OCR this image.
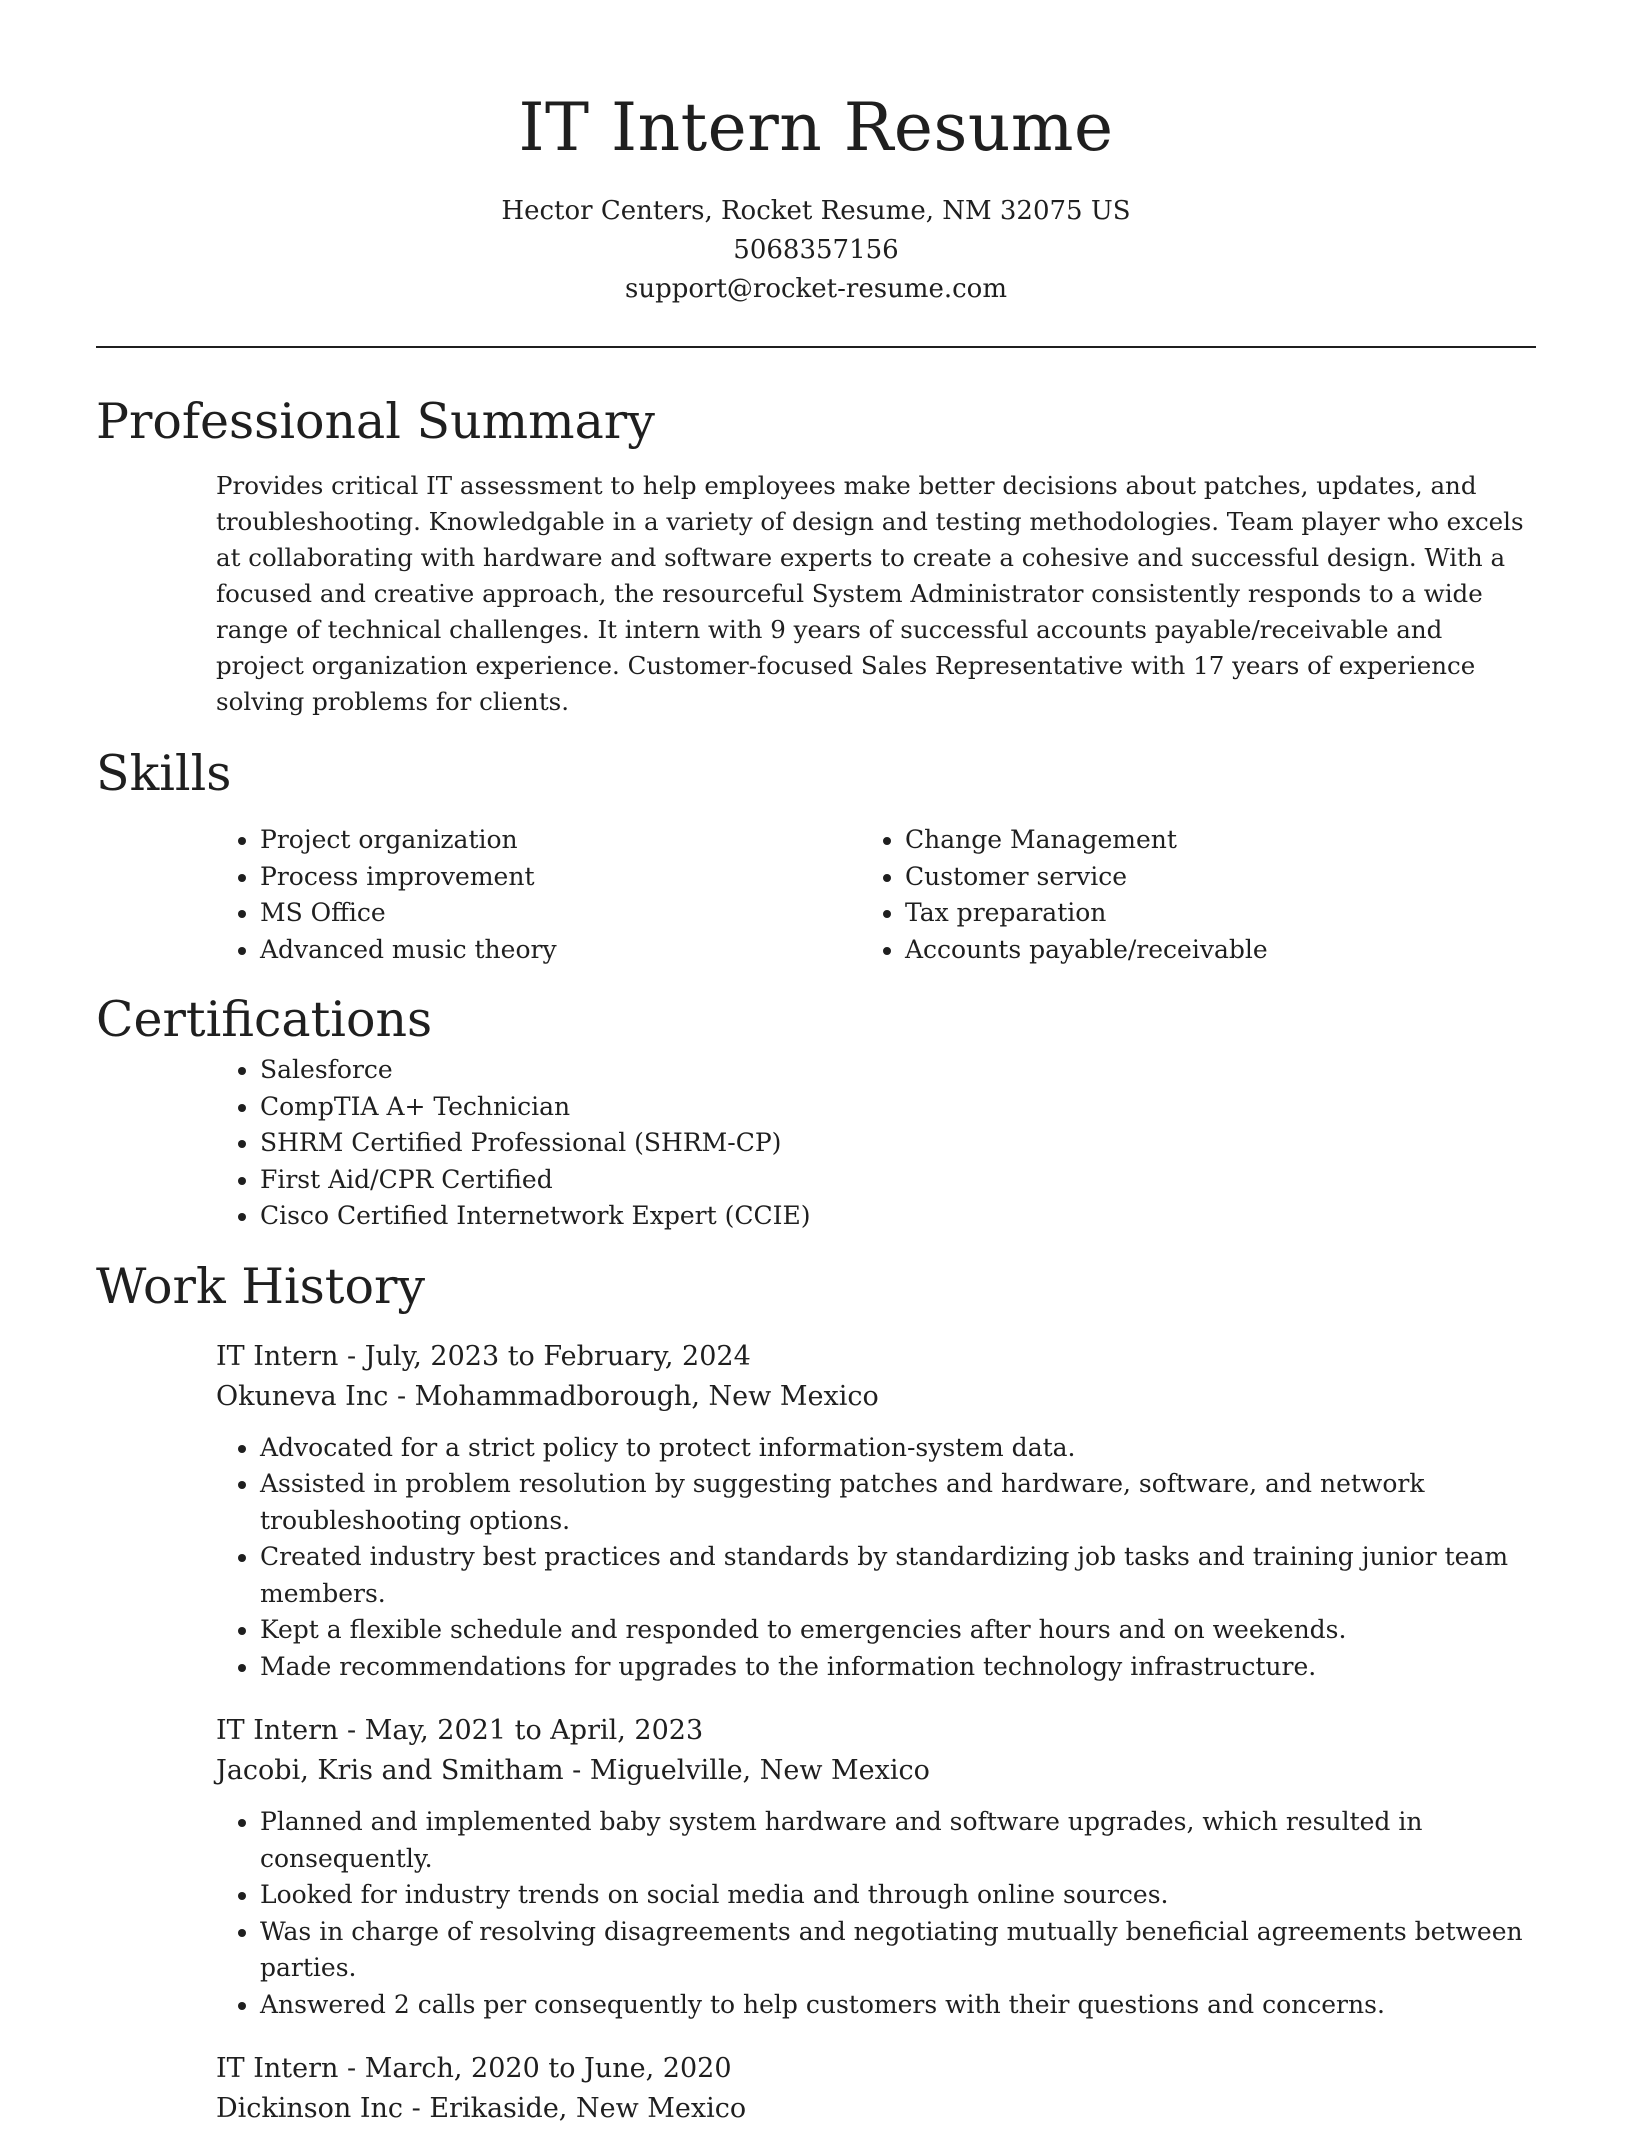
IT Intern Resume
Hector Centers, Rocket Resume, NM 32075 US
5068357156
support@rocket-resume.com
Professional Summary

Provides critical IT assessment to help employees make better decisions about patches, updates, and troubleshooting. Knowledgable in a variety of design and testing methodologies. Team player who excels at collaborating with hardware and software experts to create a cohesive and successful design. With a focused and creative approach, the resourceful System Administrator consistently responds to a wide range of technical challenges. It intern with 9 years of successful accounts payable/receivable and project organization experience. Customer-focused Sales Representative with 17 years of experience solving problems for clients.

Skills
• Project organization
• Process improvement
• MS Office
• Advanced music theory
• Change Management
• Customer service
• Tax preparation
• Accounts payable/receivable
Certifications
• Salesforce
• CompTIA A+ Technician
• SHRM Certified Professional (SHRM-CP)
• First Aid/CPR Certified
• Cisco Certified Internetwork Expert (CCIE)
Work History
IT Intern - July, 2023 to February, 2024
Okuneva Inc - Mohammadborough, New Mexico
• Advocated for a strict policy to protect information-system data.
• Assisted in problem resolution by suggesting patches and hardware, software, and network troubleshooting options.
• Created industry best practices and standards by standardizing job tasks and training junior team members.
• Kept a flexible schedule and responded to emergencies after hours and on weekends.
• Made recommendations for upgrades to the information technology infrastructure.
IT Intern - May, 2021 to April, 2023
Jacobi, Kris and Smitham - Miguelville, New Mexico
• Planned and implemented baby system hardware and software upgrades, which resulted in consequently.
• Looked for industry trends on social media and through online sources.
• Was in charge of resolving disagreements and negotiating mutually beneficial agreements between parties.
• Answered 2 calls per consequently to help customers with their questions and concerns.
IT Intern - March, 2020 to June, 2020
Dickinson Inc - Erikaside, New Mexico
